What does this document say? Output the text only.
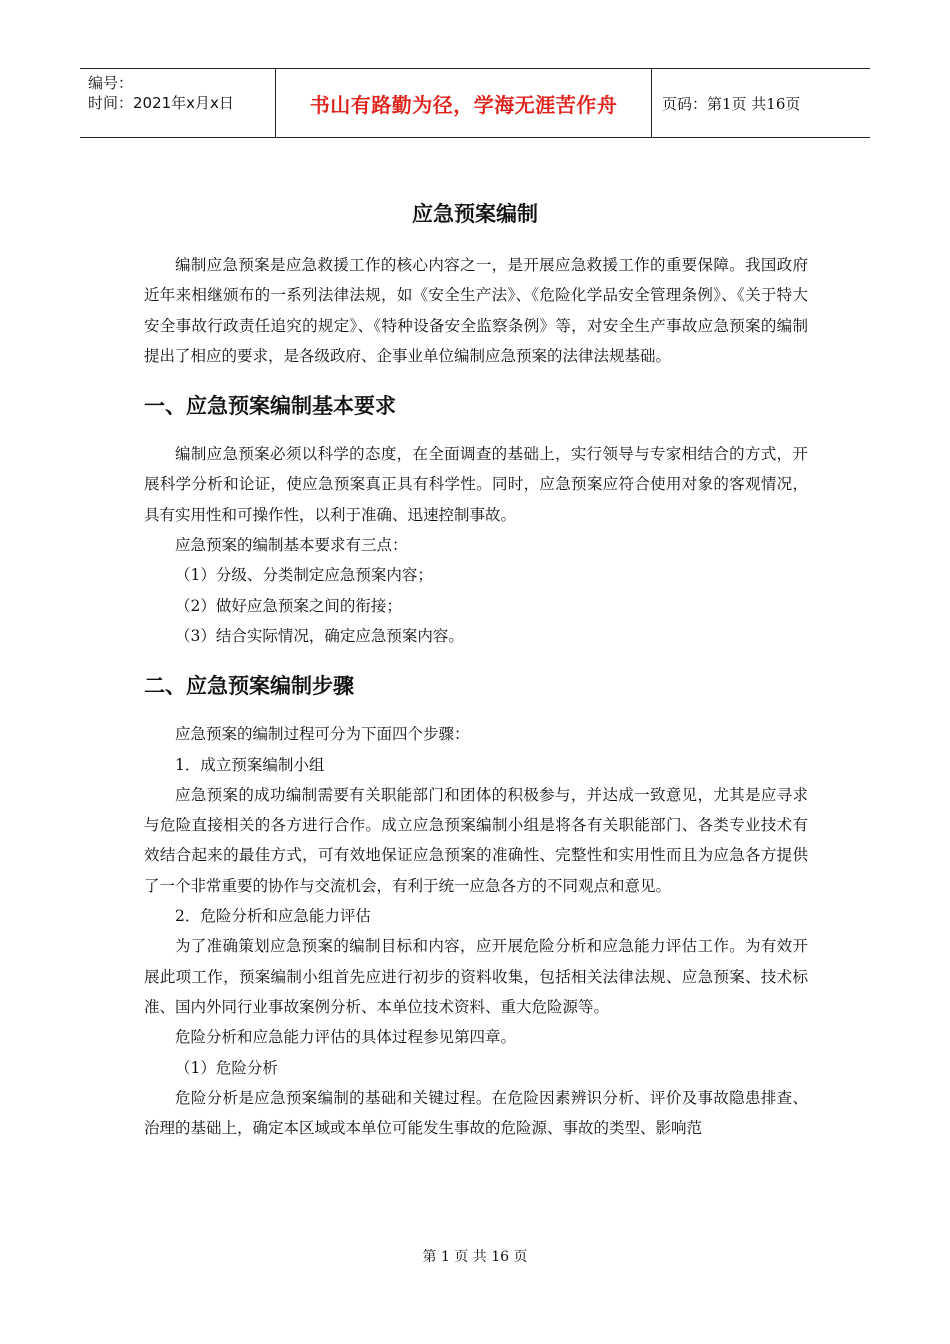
编号：
时间：2021年x月x日	书山有路勤为径，学海无涯苦作舟	页码：第1页 共16页
应急预案编制

编制应急预案是应急救援工作的核心内容之一，是开展应急救援工作的重要保障。我国政府近年来相继颁布的一系列法律法规，如《安全生产法》、《危险化学品安全管理条例》、《关于特大安全事故行政责任追究的规定》、《特种设备安全监察条例》等，对安全生产事故应急预案的编制提出了相应的要求，是各级政府、企事业单位编制应急预案的法律法规基础。

一、应急预案编制基本要求

编制应急预案必须以科学的态度，在全面调查的基础上，实行领导与专家相结合的方式，开展科学分析和论证，使应急预案真正具有科学性。同时，应急预案应符合使用对象的客观情况，具有实用性和可操作性，以利于准确、迅速控制事故。

应急预案的编制基本要求有三点：

（1）分级、分类制定应急预案内容；

（2）做好应急预案之间的衔接；

（3）结合实际情况，确定应急预案内容。

二、应急预案编制步骤

应急预案的编制过程可分为下面四个步骤：

1．成立预案编制小组

应急预案的成功编制需要有关职能部门和团体的积极参与，并达成一致意见，尤其是应寻求与危险直接相关的各方进行合作。成立应急预案编制小组是将各有关职能部门、各类专业技术有效结合起来的最佳方式，可有效地保证应急预案的准确性、完整性和实用性而且为应急各方提供了一个非常重要的协作与交流机会，有利于统一应急各方的不同观点和意见。

2．危险分析和应急能力评估

为了准确策划应急预案的编制目标和内容，应开展危险分析和应急能力评估工作。为有效开展此项工作，预案编制小组首先应进行初步的资料收集，包括相关法律法规、应急预案、技术标准、国内外同行业事故案例分析、本单位技术资料、重大危险源等。

危险分析和应急能力评估的具体过程参见第四章。

（1）危险分析

危险分析是应急预案编制的基础和关键过程。在危险因素辨识分析、评价及事故隐患排查、治理的基础上，确定本区域或本单位可能发生事故的危险源、事故的类型、影响范

第 1 页 共 16 页
